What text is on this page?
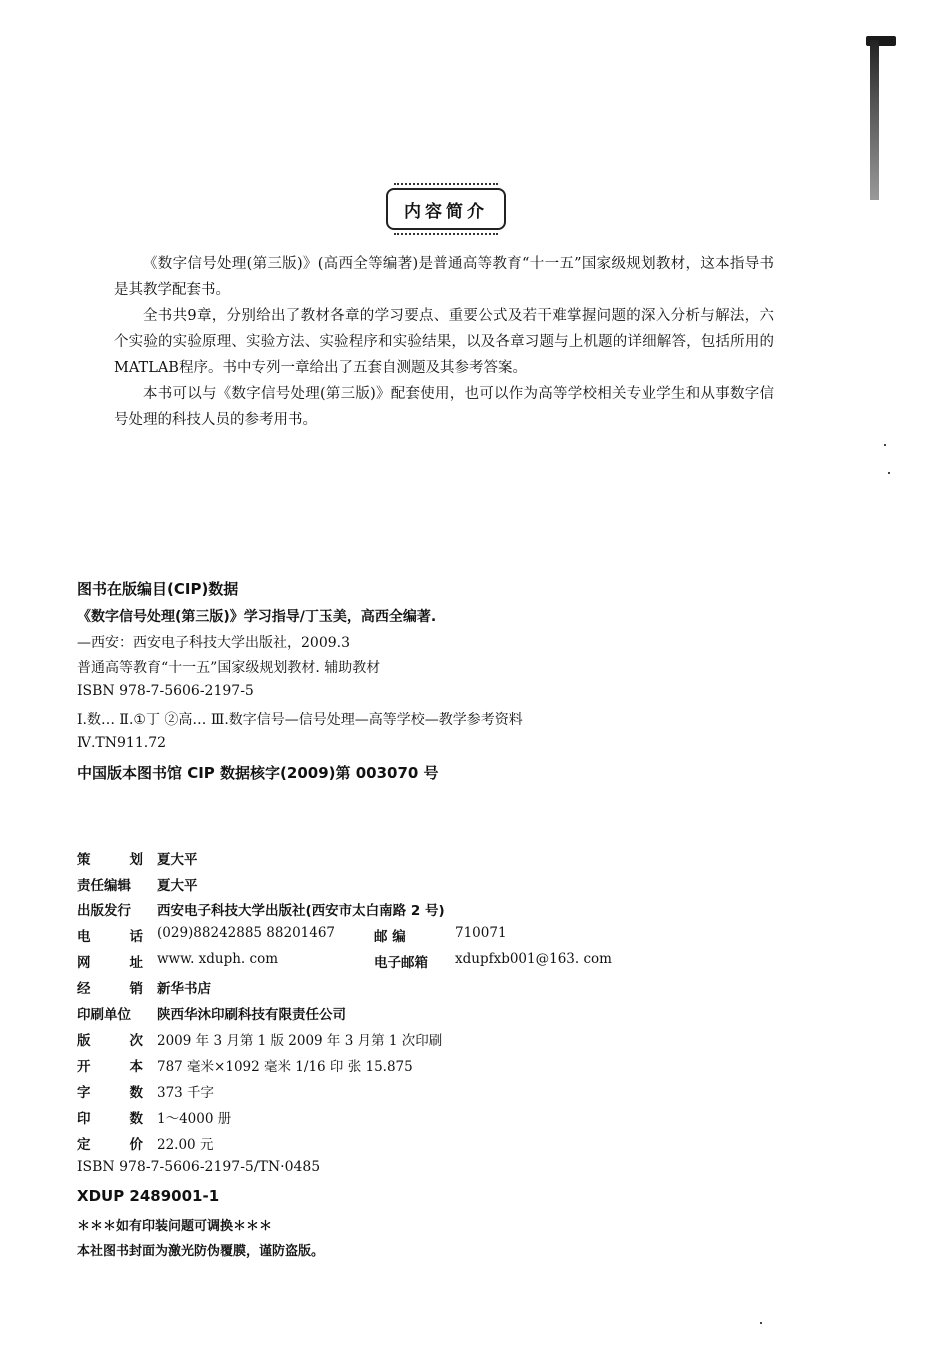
内容简介

《数字信号处理(第三版)》(高西全等编著)是普通高等教育“十一五”国家级规划教材，这本指导书是其教学配套书。

全书共9章，分别给出了教材各章的学习要点、重要公式及若干难掌握问题的深入分析与解法，六个实验的实验原理、实验方法、实验程序和实验结果，以及各章习题与上机题的详细解答，包括所用的MATLAB程序。书中专列一章给出了五套自测题及其参考答案。

本书可以与《数字信号处理(第三版)》配套使用，也可以作为高等学校相关专业学生和从事数字信号处理的科技人员的参考用书。

图书在版编目(CIP)数据

《数字信号处理(第三版)》学习指导/丁玉美，高西全编著.

—西安：西安电子科技大学出版社，2009.3

普通高等教育“十一五”国家级规划教材. 辅助教材

ISBN 978-7-5606-2197-5

Ⅰ.数… Ⅱ.①丁 ②高… Ⅲ.数字信号—信号处理—高等学校—教学参考资料

Ⅳ.TN911.72

中国版本图书馆 CIP 数据核字(2009)第 003070 号

策	划 夏大平
责任编辑	夏大平
出版发行	西安电子科技大学出版社(西安市太白南路 2 号)
电	话 (029)88242885 88201467	邮 编	710071
网	址 www. xduph. com	电子邮箱	xdupfxb001@163. com
经	销 新华书店
印刷单位	陕西华沐印刷科技有限责任公司
版	次 2009 年 3 月第 1 版 2009 年 3 月第 1 次印刷
开	本 787 毫米×1092 毫米 1/16 印 张 15.875
字	数 373 千字
印	数 1～4000 册
定	价 22.00 元

ISBN 978-7-5606-2197-5/TN·0485

XDUP 2489001-1

＊＊＊如有印装问题可调换＊＊＊

本社图书封面为激光防伪覆膜，谨防盗版。
